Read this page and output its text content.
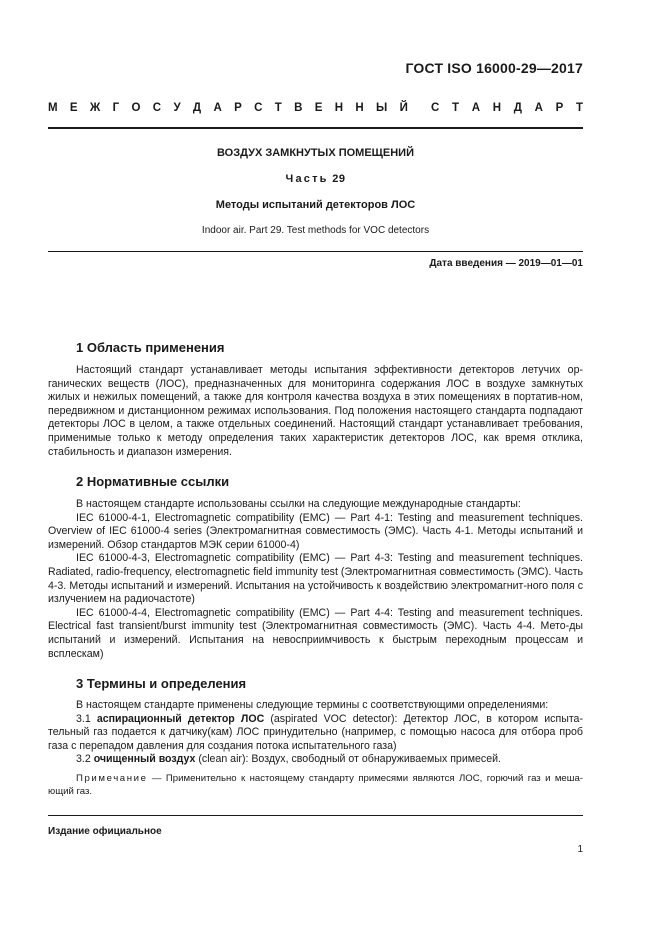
ГОСТ ISO 16000-29—2017
М Е Ж Г О С У Д А Р С Т В Е Н Н Ы Й С Т А Н Д А Р Т
ВОЗДУХ ЗАМКНУТЫХ ПОМЕЩЕНИЙ
Часть 29
Методы испытаний детекторов ЛОС
Indoor air. Part 29. Test methods for VOC detectors
Дата введения — 2019—01—01
1 Область применения

Настоящий стандарт устанавливает методы испытания эффективности детекторов летучих ор-ганических веществ (ЛОС), предназначенных для мониторинга содержания ЛОС в воздухе замкнутых жилых и нежилых помещений, а также для контроля качества воздуха в этих помещениях в портатив-ном, передвижном и дистанционном режимах использования. Под положения настоящего стандарта подпадают детекторы ЛОС в целом, а также отдельных соединений. Настоящий стандарт устанавливает требования, применимые только к методу определения таких характеристик детекторов ЛОС, как время отклика, стабильность и диапазон измерения.

2 Нормативные ссылки

В настоящем стандарте использованы ссылки на следующие международные стандарты:

IEC 61000-4-1, Electromagnetic compatibility (EMC) — Part 4-1: Testing and measurement techniques. Overview of IEC 61000-4 series (Электромагнитная совместимость (ЭМС). Часть 4-1. Методы испытаний и измерений. Обзор стандартов МЭК серии 61000-4)

IEC 61000-4-3, Electromagnetic compatibility (EMC) — Part 4-3: Testing and measurement techniques. Radiated, radio-frequency, electromagnetic field immunity test (Электромагнитная совместимость (ЭМС). Часть 4-3. Методы испытаний и измерений. Испытания на устойчивость к воздействию электромагнит-ного поля с излучением на радиочастоте)

IEC 61000-4-4, Electromagnetic compatibility (EMC) — Part 4-4: Testing and measurement techniques. Electrical fast transient/burst immunity test (Электромагнитная совместимость (ЭМС). Часть 4-4. Мето-ды испытаний и измерений. Испытания на невосприимчивость к быстрым переходным процессам и всплескам)

3 Термины и определения

В настоящем стандарте применены следующие термины с соответствующими определениями:

3.1 аспирационный детектор ЛОС (aspirated VOC detector): Детектор ЛОС, в котором испыта-тельный газ подается к датчику(кам) ЛОС принудительно (например, с помощью насоса для отбора проб газа с перепадом давления для создания потока испытательного газа)

3.2 очищенный воздух (clean air): Воздух, свободный от обнаруживаемых примесей.

Примечание — Применительно к настоящему стандарту примесями являются ЛОС, горючий газ и меша-ющий газ.

Издание официальное
1
